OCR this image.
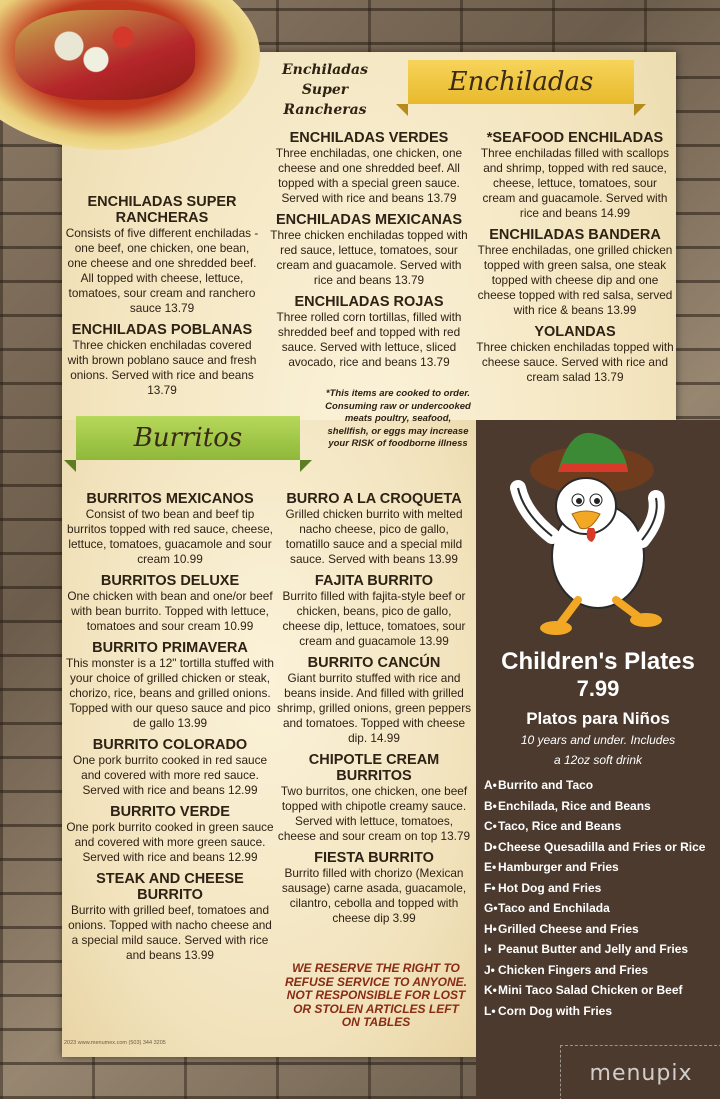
Enchiladas
Enchiladas Super Rancheras
ENCHILADAS SUPER RANCHERAS
Consists of five different enchiladas - one beef, one chicken, one bean, one cheese and one shredded beef. All topped with cheese, lettuce, tomatoes, sour cream and ranchero sauce 13.79
ENCHILADAS POBLANAS
Three chicken enchiladas covered with brown poblano sauce and fresh onions. Served with rice and beans 13.79
ENCHILADAS VERDES
Three enchiladas, one chicken, one cheese and one shredded beef. All topped with a special green sauce. Served with rice and beans 13.79
ENCHILADAS MEXICANAS
Three chicken enchiladas topped with red sauce, lettuce, tomatoes, sour cream and guacamole. Served with rice and beans 13.79
ENCHILADAS ROJAS
Three rolled corn tortillas, filled with shredded beef and topped with red sauce. Served with lettuce, sliced avocado, rice and beans 13.79
*SEAFOOD ENCHILADAS
Three enchiladas filled with scallops and shrimp, topped with red sauce, cheese, lettuce, tomatoes, sour cream and guacamole. Served with rice and beans 14.99
ENCHILADAS BANDERA
Three enchiladas, one grilled chicken topped with green salsa, one steak topped with cheese dip and one cheese topped with red salsa, served with rice & beans 13.99
YOLANDAS
Three chicken enchiladas topped with cheese sauce. Served with rice and cream salad 13.79
*This items are cooked to order. Consuming raw or undercooked meats poultry, seafood, shellfish, or eggs may increase your RISK of foodborne illness
Burritos
BURRITOS MEXICANOS
Consist of two bean and beef tip burritos topped with red sauce, cheese, lettuce, tomatoes, guacamole and sour cream 10.99
BURRITOS DELUXE
One chicken with bean and one/or beef with bean burrito. Topped with lettuce, tomatoes and sour cream 10.99
BURRITO PRIMAVERA
This monster is a 12" tortilla stuffed with your choice of grilled chicken or steak, chorizo, rice, beans and grilled onions. Topped with our queso sauce and pico de gallo 13.99
BURRITO COLORADO
One pork burrito cooked in red sauce and covered with more red sauce. Served with rice and beans 12.99
BURRITO VERDE
One pork burrito cooked in green sauce and covered with more green sauce. Served with rice and beans 12.99
STEAK AND CHEESE BURRITO
Burrito with grilled beef, tomatoes and onions. Topped with nacho cheese and a special mild sauce. Served with rice and beans 13.99
BURRO A LA CROQUETA
Grilled chicken burrito with melted nacho cheese, pico de gallo, tomatillo sauce and a special mild sauce. Served with beans 13.99
FAJITA BURRITO
Burrito filled with fajita-style beef or chicken, beans, pico de gallo, cheese dip, lettuce, tomatoes, sour cream and guacamole 13.99
BURRITO CANCÚN
Giant burrito stuffed with rice and beans inside. And filled with grilled shrimp, grilled onions, green peppers and tomatoes. Topped with cheese dip. 14.99
CHIPOTLE CREAM BURRITOS
Two burritos, one chicken, one beef topped with chipotle creamy sauce. Served with lettuce, tomatoes, cheese and sour cream on top 13.79
FIESTA BURRITO
Burrito filled with chorizo (Mexican sausage) carne asada, guacamole, cilantro, cebolla and topped with cheese dip 3.99
WE RESERVE THE RIGHT TO REFUSE SERVICE TO ANYONE. NOT RESPONSIBLE FOR LOST OR STOLEN ARTICLES LEFT ON TABLES
2023 www.menumex.com (503) 344 3205
Children's Plates
7.99
Platos para Niños
10 years and under. Includes
a 12oz soft drink
A• Burrito and Taco
B• Enchilada, Rice and Beans
C• Taco, Rice and Beans
D• Cheese Quesadilla and Fries or Rice
E• Hamburger and Fries
F• Hot Dog and Fries
G• Taco and Enchilada
H• Grilled Cheese and Fries
I• Peanut Butter and Jelly and Fries
J• Chicken Fingers and Fries
K• Mini Taco Salad Chicken or Beef
L• Corn Dog with Fries
menupix
